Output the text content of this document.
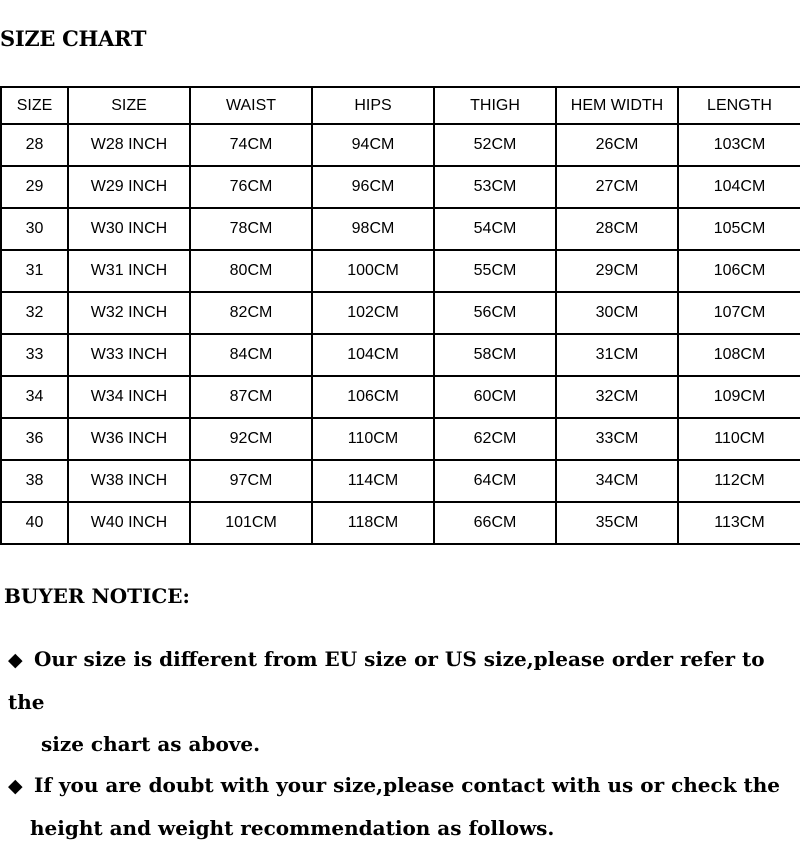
SIZE CHART
SIZE	SIZE	WAIST	HIPS	THIGH	HEM WIDTH	LENGTH
28	W28 INCH	74CM	94CM	52CM	26CM	103CM
29	W29 INCH	76CM	96CM	53CM	27CM	104CM
30	W30 INCH	78CM	98CM	54CM	28CM	105CM
31	W31 INCH	80CM	100CM	55CM	29CM	106CM
32	W32 INCH	82CM	102CM	56CM	30CM	107CM
33	W33 INCH	84CM	104CM	58CM	31CM	108CM
34	W34 INCH	87CM	106CM	60CM	32CM	109CM
36	W36 INCH	92CM	110CM	62CM	33CM	110CM
38	W38 INCH	97CM	114CM	64CM	34CM	112CM
40	W40 INCH	101CM	118CM	66CM	35CM	113CM
BUYER NOTICE:
◆ Our size is different from EU size or US size,please order refer to the
size chart as above.
◆ If you are doubt with your size,please contact with us or check the
height and weight recommendation as follows.
